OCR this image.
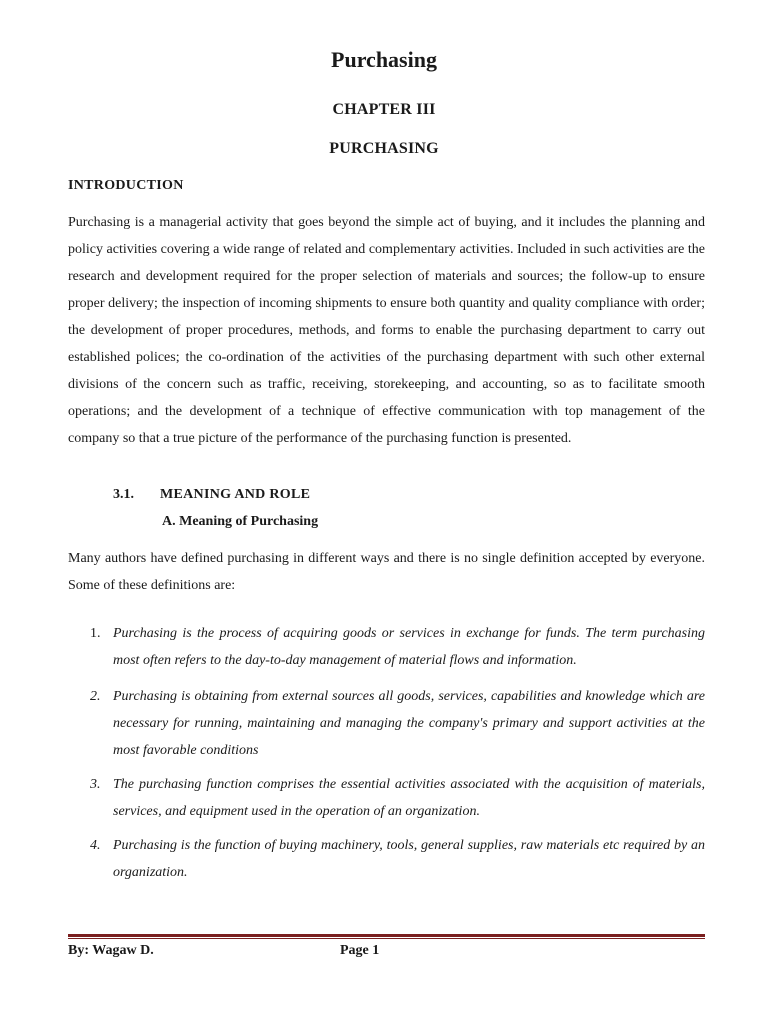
Purchasing
CHAPTER III
PURCHASING
INTRODUCTION

Purchasing is a managerial activity that goes beyond the simple act of buying, and it includes the planning and policy activities covering a wide range of related and complementary activities. Included in such activities are the research and development required for the proper selection of materials and sources; the follow-up to ensure proper delivery; the inspection of incoming shipments to ensure both quantity and quality compliance with order; the development of proper procedures, methods, and forms to enable the purchasing department to carry out established polices; the co-ordination of the activities of the purchasing department with such other external divisions of the concern such as traffic, receiving, storekeeping, and accounting, so as to facilitate smooth operations; and the development of a technique of effective communication with top management of the company so that a true picture of the performance of the purchasing function is presented.

3.1. MEANING AND ROLE
A. Meaning of Purchasing

Many authors have defined purchasing in different ways and there is no single definition accepted by everyone. Some of these definitions are:

1. Purchasing is the process of acquiring goods or services in exchange for funds. The term purchasing most often refers to the day-to-day management of material flows and information.
2. Purchasing is obtaining from external sources all goods, services, capabilities and knowledge which are necessary for running, maintaining and managing the company's primary and support activities at the most favorable conditions
3. The purchasing function comprises the essential activities associated with the acquisition of materials, services, and equipment used in the operation of an organization.
4. Purchasing is the function of buying machinery, tools, general supplies, raw materials etc required by an organization.
By: Wagaw D.	Page 1
